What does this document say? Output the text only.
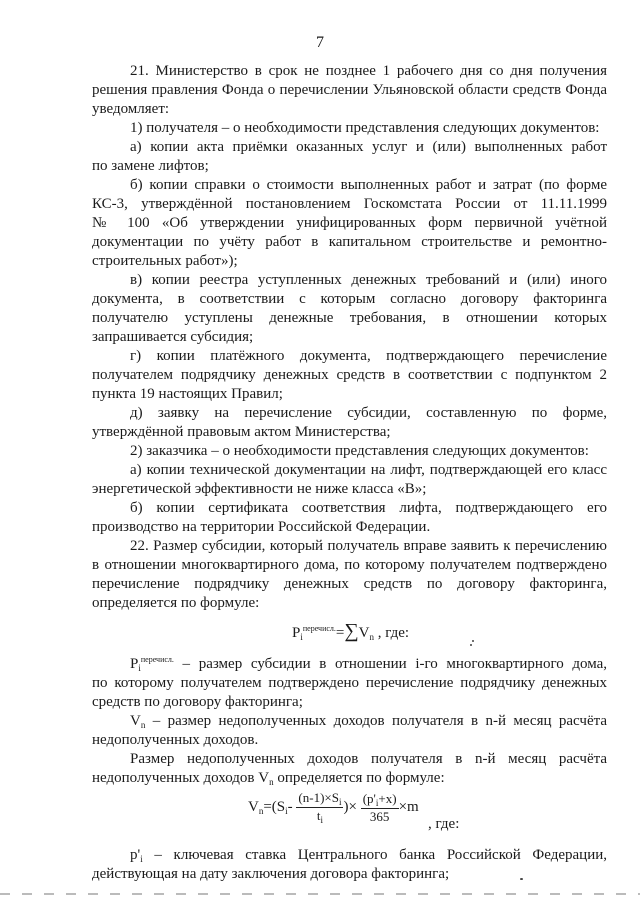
7
21. Министерство в срок не позднее 1 рабочего дня со дня получения
решения правления Фонда о перечислении Ульяновской области средств Фонда
уведомляет:
1) получателя – о необходимости представления следующих документов:
а) копии акта приёмки оказанных услуг и (или) выполненных работ
по замене лифтов;
б) копии справки о стоимости выполненных работ и затрат (по форме
КС-3, утверждённой постановлением Госкомстата России от 11.11.1999
№ 100 «Об утверждении унифицированных форм первичной учётной
документации по учёту работ в капитальном строительстве и ремонтно-
строительных работ»);
в) копии реестра уступленных денежных требований и (или) иного
документа, в соответствии с которым согласно договору факторинга
получателю уступлены денежные требования, в отношении которых
запрашивается субсидия;
г) копии платёжного документа, подтверждающего перечисление
получателем подрядчику денежных средств в соответствии с подпунктом 2
пункта 19 настоящих Правил;
д) заявку на перечисление субсидии, составленную по форме,
утверждённой правовым актом Министерства;
2) заказчика – о необходимости представления следующих документов:
а) копии технической документации на лифт, подтверждающей его класс
энергетической эффективности не ниже класса «В»;
б) копии сертификата соответствия лифта, подтверждающего его
производство на территории Российской Федерации.
22. Размер субсидии, который получатель вправе заявить к перечислению
в отношении многоквартирного дома, по которому получателем подтверждено
перечисление подрядчику денежных средств по договору факторинга,
определяется по формуле:
$P_i^{перечисл.}=\sum V_n$ , где:
$P_i^{перечисл.}$ – размер субсидии в отношении i-го многоквартирного дома,
по которому получателем подтверждено перечисление подрядчику денежных
средств по договору факторинга;
$V_n$ – размер недополученных доходов получателя в n-й месяц расчёта
недополученных доходов.
Размер недополученных доходов получателя в n-й месяц расчёта
недополученных доходов $V_n$ определяется по формуле:
$V_n=(S_i- \frac{(n-1)\times S_i}{t_i}$ )× $\frac{(p'_i+x)}{365} \times m$
, где:
$p'_i$ – ключевая ставка Центрального банка Российской Федерации,
действующая на дату заключения договора факторинга;
